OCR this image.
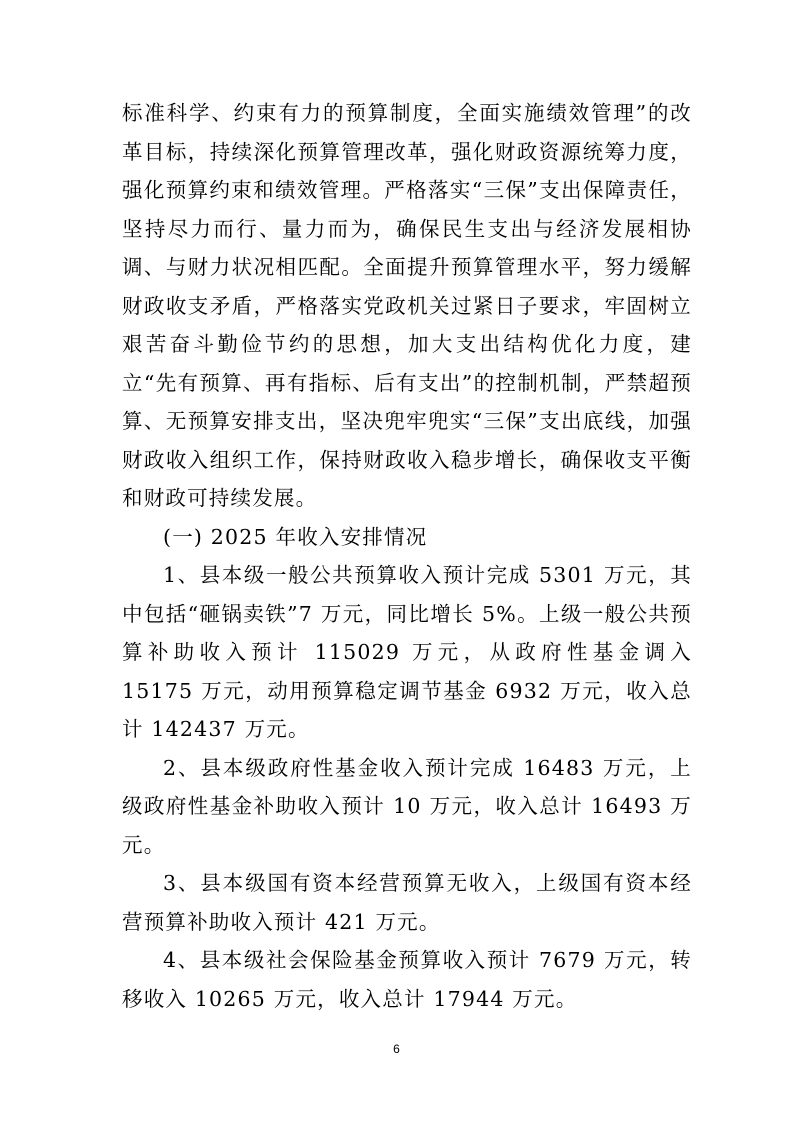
标准科学、约束有力的预算制度，全面实施绩效管理”的改革目标，持续深化预算管理改革，强化财政资源统筹力度，强化预算约束和绩效管理。严格落实“三保”支出保障责任，坚持尽力而行、量力而为，确保民生支出与经济发展相协调、与财力状况相匹配。全面提升预算管理水平，努力缓解财政收支矛盾，严格落实党政机关过紧日子要求，牢固树立艰苦奋斗勤俭节约的思想，加大支出结构优化力度，建立“先有预算、再有指标、后有支出”的控制机制，严禁超预算、无预算安排支出，坚决兜牢兜实“三保”支出底线，加强财政收入组织工作，保持财政收入稳步增长，确保收支平衡和财政可持续发展。

(一) 2025 年收入安排情况

1、县本级一般公共预算收入预计完成 5301 万元，其中包括“砸锅卖铁”7 万元，同比增长 5%。上级一般公共预算补助收入预计 115029 万元，从政府性基金调入 15175 万元，动用预算稳定调节基金 6932 万元，收入总计 142437 万元。

2、县本级政府性基金收入预计完成 16483 万元，上级政府性基金补助收入预计 10 万元，收入总计 16493 万元。

3、县本级国有资本经营预算无收入，上级国有资本经营预算补助收入预计 421 万元。

4、县本级社会保险基金预算收入预计 7679 万元，转移收入 10265 万元，收入总计 17944 万元。

6
